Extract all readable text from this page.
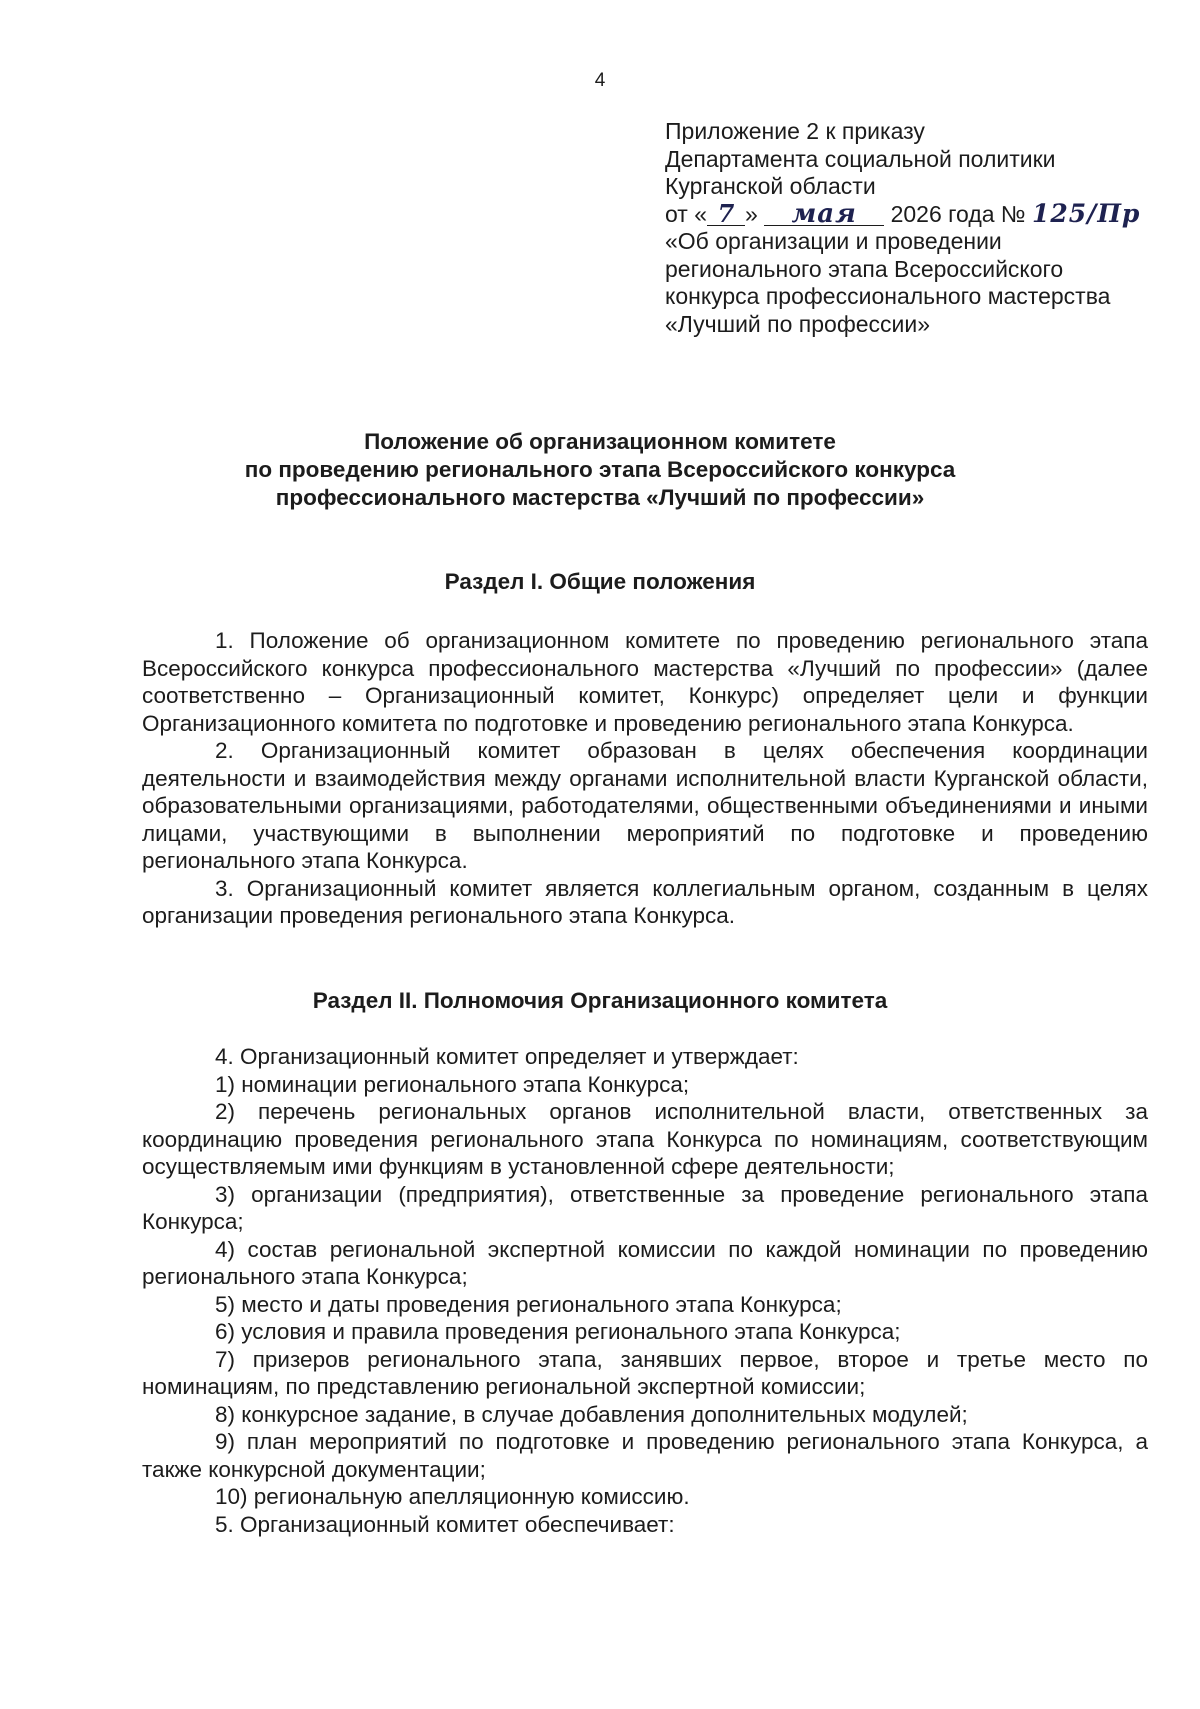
4
Приложение 2 к приказу
Департамента социальной политики
Курганской области
от « 7 » мая 2026 года № 125/Пр
«Об организации и проведении
регионального этапа Всероссийского
конкурса профессионального мастерства
«Лучший по профессии»
Положение об организационном комитете
по проведению регионального этапа Всероссийского конкурса
профессионального мастерства «Лучший по профессии»
Раздел I. Общие положения

1. Положение об организационном комитете по проведению регионального этапа Всероссийского конкурса профессионального мастерства «Лучший по профессии» (далее соответственно – Организационный комитет, Конкурс) определяет цели и функции Организационного комитета по подготовке и проведению регионального этапа Конкурса.

2. Организационный комитет образован в целях обеспечения координации деятельности и взаимодействия между органами исполнительной власти Курганской области, образовательными организациями, работодателями, общественными объединениями и иными лицами, участвующими в выполнении мероприятий по подготовке и проведению регионального этапа Конкурса.

3. Организационный комитет является коллегиальным органом, созданным в целях организации проведения регионального этапа Конкурса.

Раздел II. Полномочия Организационного комитета

4. Организационный комитет определяет и утверждает:

1) номинации регионального этапа Конкурса;

2) перечень региональных органов исполнительной власти, ответственных за координацию проведения регионального этапа Конкурса по номинациям, соответствующим осуществляемым ими функциям в установленной сфере деятельности;

3) организации (предприятия), ответственные за проведение регионального этапа Конкурса;

4) состав региональной экспертной комиссии по каждой номинации по проведению регионального этапа Конкурса;

5) место и даты проведения регионального этапа Конкурса;

6) условия и правила проведения регионального этапа Конкурса;

7) призеров регионального этапа, занявших первое, второе и третье место по номинациям, по представлению региональной экспертной комиссии;

8) конкурсное задание, в случае добавления дополнительных модулей;

9) план мероприятий по подготовке и проведению регионального этапа Конкурса, а также конкурсной документации;

10) региональную апелляционную комиссию.

5. Организационный комитет обеспечивает:
